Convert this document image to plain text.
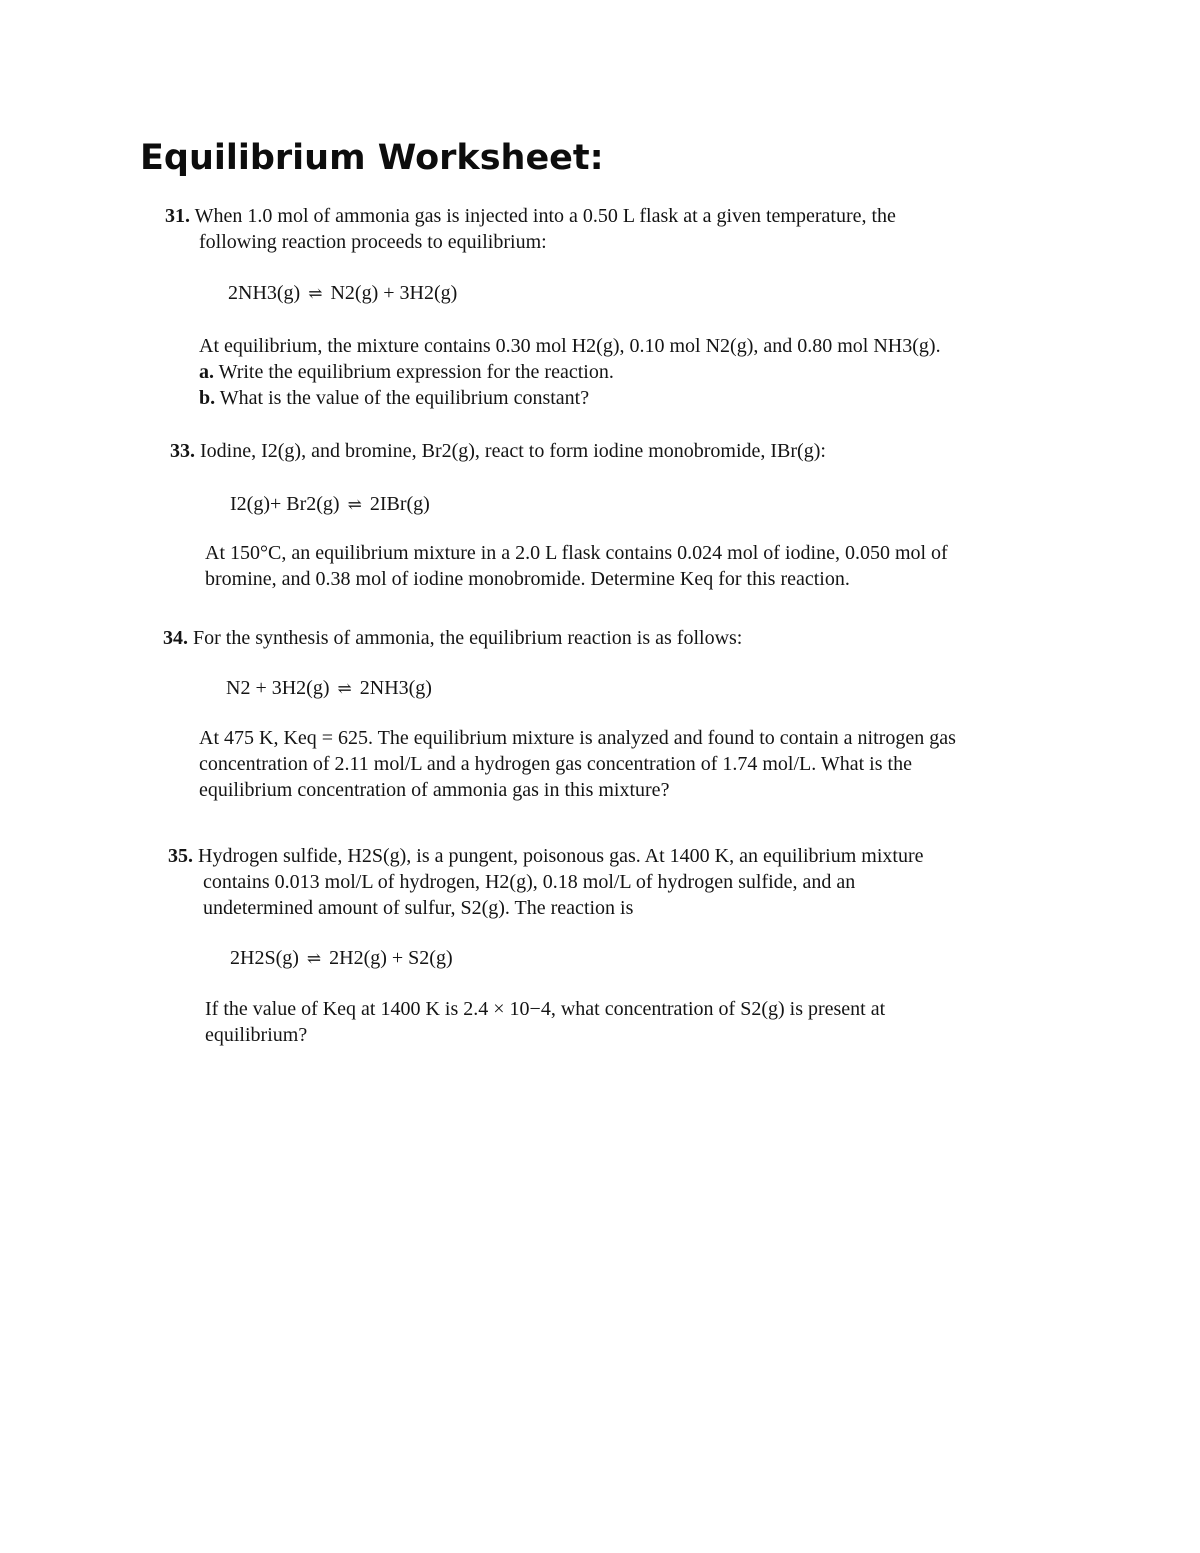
Equilibrium Worksheet:
31. When 1.0 mol of ammonia gas is injected into a 0.50 L flask at a given temperature, the
following reaction proceeds to equilibrium:
2NH3(g) ⇌ N2(g) + 3H2(g)
At equilibrium, the mixture contains 0.30 mol H2(g), 0.10 mol N2(g), and 0.80 mol NH3(g).
a. Write the equilibrium expression for the reaction.
b. What is the value of the equilibrium constant?
33. Iodine, I2(g), and bromine, Br2(g), react to form iodine monobromide, IBr(g):
I2(g)+ Br2(g) ⇌ 2IBr(g)
At 150°C, an equilibrium mixture in a 2.0 L flask contains 0.024 mol of iodine, 0.050 mol of
bromine, and 0.38 mol of iodine monobromide. Determine Keq for this reaction.
34. For the synthesis of ammonia, the equilibrium reaction is as follows:
N2 + 3H2(g) ⇌ 2NH3(g)
At 475 K, Keq = 625. The equilibrium mixture is analyzed and found to contain a nitrogen gas
concentration of 2.11 mol/L and a hydrogen gas concentration of 1.74 mol/L. What is the
equilibrium concentration of ammonia gas in this mixture?
35. Hydrogen sulfide, H2S(g), is a pungent, poisonous gas. At 1400 K, an equilibrium mixture
contains 0.013 mol/L of hydrogen, H2(g), 0.18 mol/L of hydrogen sulfide, and an
undetermined amount of sulfur, S2(g). The reaction is
2H2S(g) ⇌ 2H2(g) + S2(g)
If the value of Keq at 1400 K is 2.4 × 10−4, what concentration of S2(g) is present at
equilibrium?
